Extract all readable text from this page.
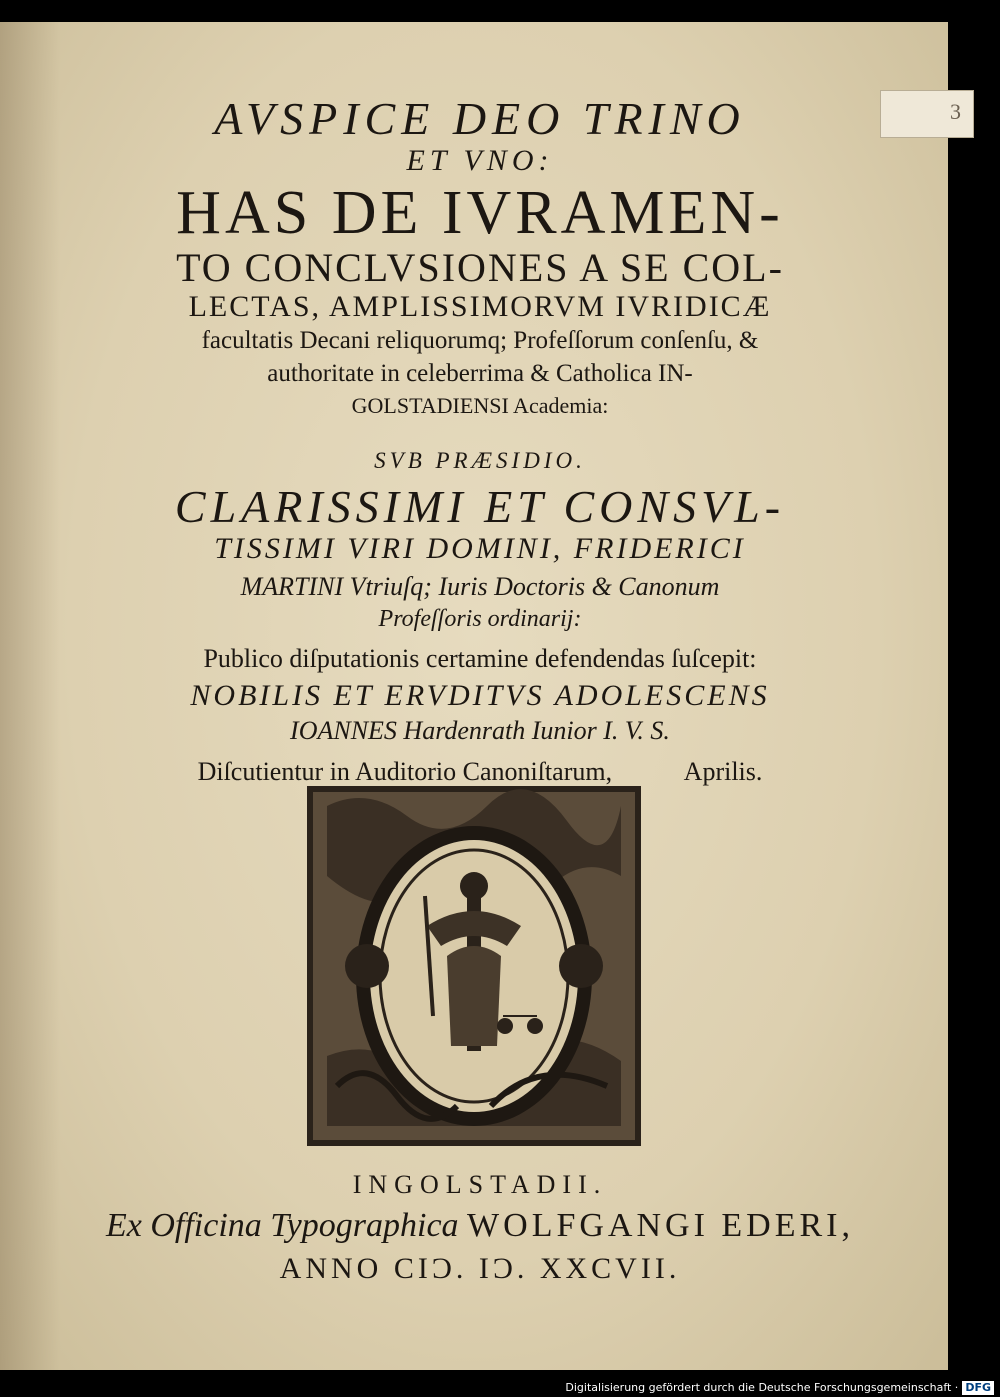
3
AVSPICE DEO TRINO
ET VNO:
HAS DE IVRAMEN-
TO CONCLVSIONES A SE COL-
LECTAS, AMPLISSIMORVM IVRIDICÆ
facultatis Decani reliquorumq; Profeſſorum conſenſu, &
authoritate in celeberrima & Catholica IN-
GOLSTADIENSI Academia:
SVB PRÆSIDIO.
CLARISSIMI ET CONSVL-
TISSIMI VIRI DOMINI, FRIDERICI
MARTINI Vtriuſq; Iuris Doctoris & Canonum
Profeſſoris ordinarij:
Publico diſputationis certamine defendendas ſuſcepit:
NOBILIS ET ERVDITVS ADOLESCENS
IOANNES Hardenrath Iunior I. V. S.
Diſcutientur in Auditorio Canoniſtarum,	Aprilis.
INGOLSTADII.
Ex Officina Typographica WOLFGANGI EDERI,
ANNO CIƆ. IƆ. XXCVII.
Digitalisierung gefördert durch die Deutsche Forschungsgemeinschaft · DFG
